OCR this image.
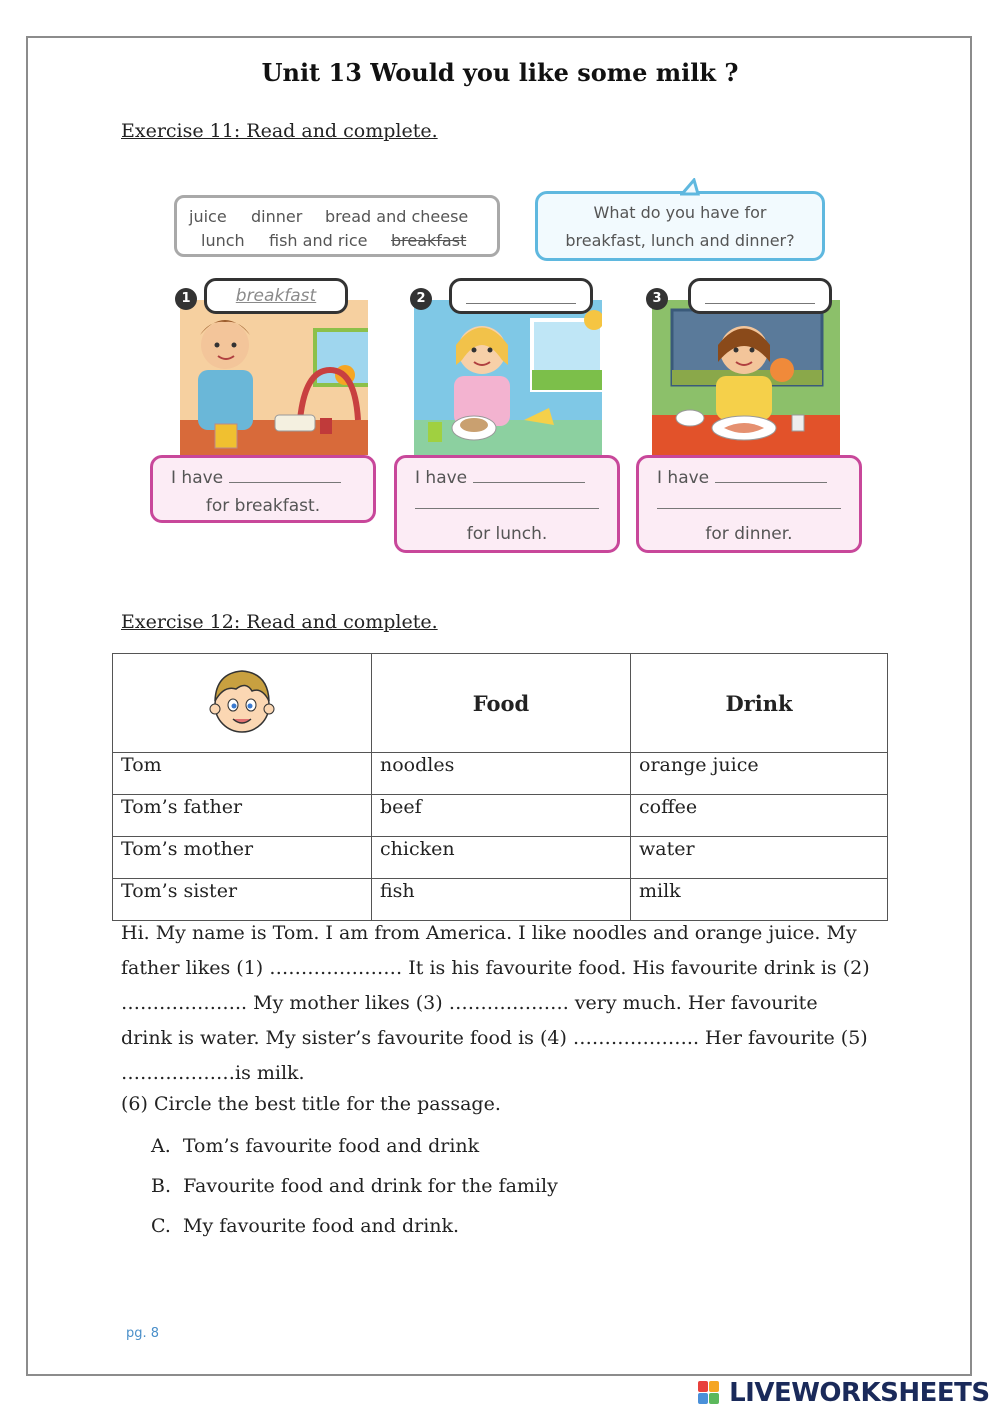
Unit 13 Would you like some milk ?
Exercise 11: Read and complete.
juice dinner bread and cheese
lunch fish and rice breakfast
What do you have for
breakfast, lunch and dinner?
1	breakfast
I have
for breakfast.
2
I have
for lunch.
3
I have
for dinner.
Exercise 12: Read and complete.
	Food	Drink
Tom	noodles	orange juice
Tom’s father	beef	coffee
Tom’s mother	chicken	water
Tom’s sister	fish	milk
Hi. My name is Tom. I am from America. I like noodles and orange juice. My
father likes (1) ………………… It is his favourite food. His favourite drink is (2)
……………….. My mother likes (3) ………………. very much. Her favourite
drink is water. My sister’s favourite food is (4) ……………….. Her favourite (5)
………………is milk.
(6) Circle the best title for the passage.
A. Tom’s favourite food and drink
B. Favourite food and drink for the family
C. My favourite food and drink.
pg. 8
LIVEWORKSHEETS
